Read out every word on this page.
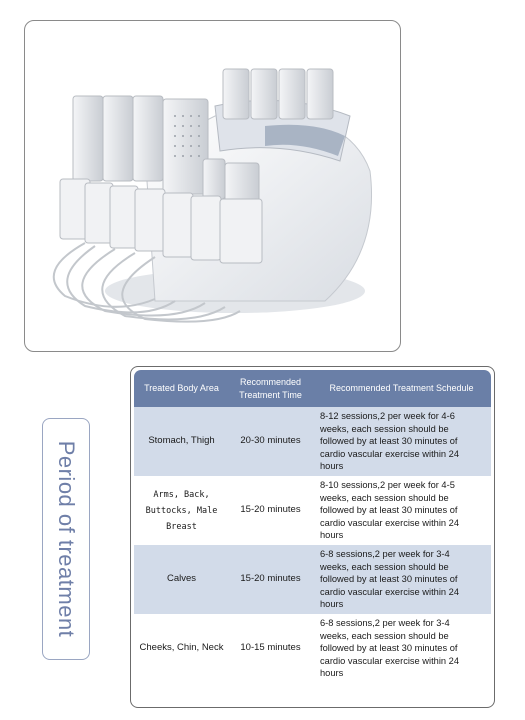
Period of treatment
Treated Body Area	Recommended Treatment Time	Recommended Treatment Schedule
Stomach, Thigh	20-30 minutes	8-12 sessions,2 per week for 4-6 weeks, each session should be followed by at least 30 minutes of cardio vascular exercise within 24 hours
Arms, Back, Buttocks, Male Breast	15-20 minutes	8-10 sessions,2 per week for 4-5 weeks, each session should be followed by at least 30 minutes of cardio vascular exercise within 24 hours
Calves	15-20 minutes	6-8 sessions,2 per week for 3-4 weeks, each session should be followed by at least 30 minutes of cardio vascular exercise within 24 hours
Cheeks, Chin, Neck	10-15 minutes	6-8 sessions,2 per week for 3-4 weeks, each session should be followed by at least 30 minutes of cardio vascular exercise within 24 hours
